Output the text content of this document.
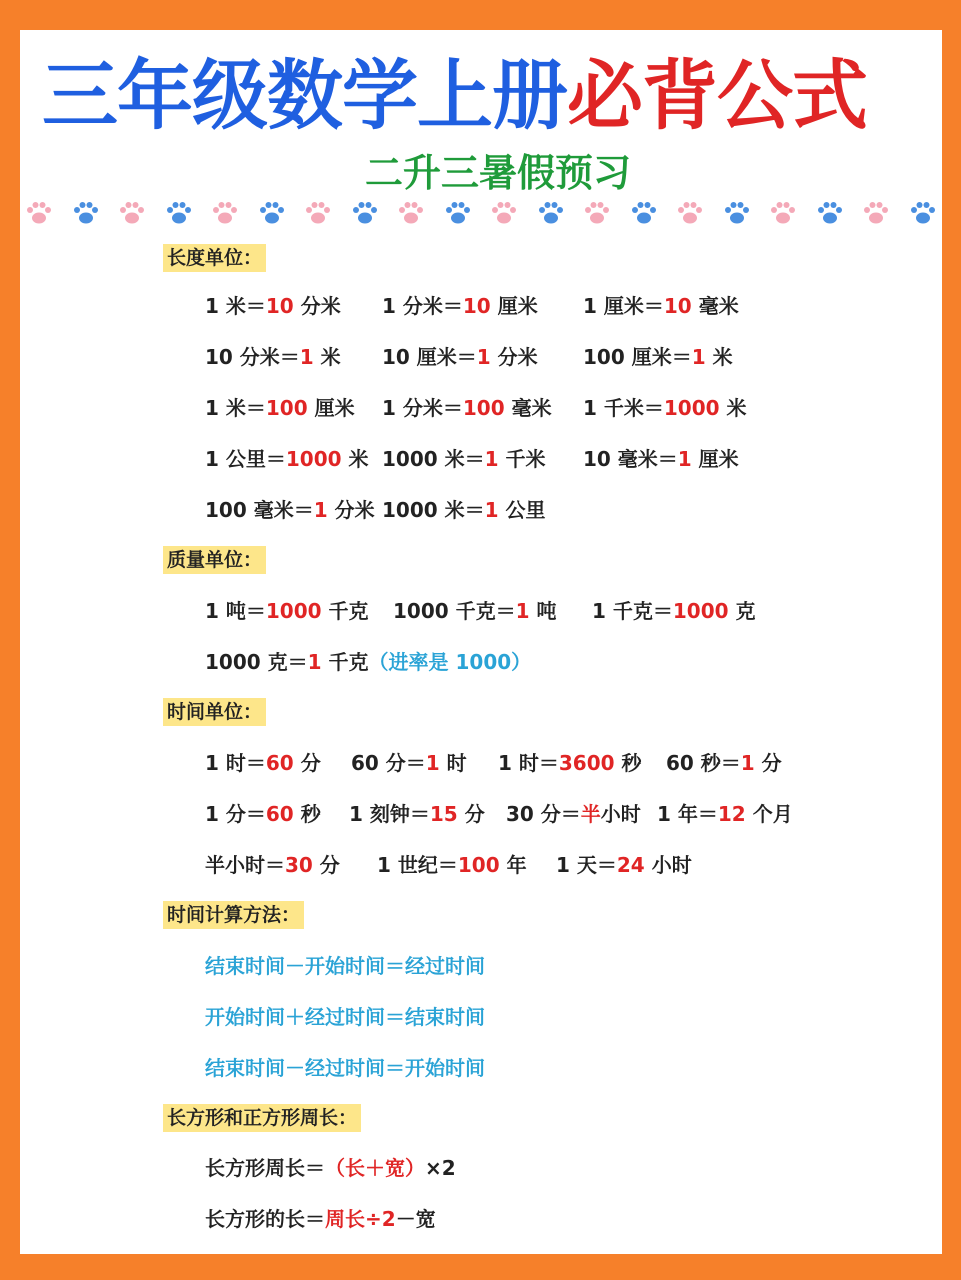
三年级数学上册必背公式
二升三暑假预习
长度单位：
质量单位：
时间单位：
时间计算方法：
长方形和正方形周长：
1 米＝10 分米 1 分米＝10 厘米 1 厘米＝10 毫米
10 分米＝1 米 10 厘米＝1 分米 100 厘米＝1 米
1 米＝100 厘米 1 分米＝100 毫米 1 千米＝1000 米
1 公里＝1000 米 1000 米＝1 千米 10 毫米＝1 厘米
100 毫米＝1 分米 1000 米＝1 公里
1 吨＝1000 千克 1000 千克＝1 吨 1 千克＝1000 克
1000 克＝1 千克（进率是 1000）
1 时＝60 分 60 分＝1 时 1 时＝3600 秒 60 秒＝1 分
1 分＝60 秒 1 刻钟＝15 分 30 分＝半小时 1 年＝12 个月
半小时＝30 分 1 世纪＝100 年 1 天＝24 小时
结束时间－开始时间＝经过时间
开始时间＋经过时间＝结束时间
结束时间－经过时间＝开始时间
长方形周长＝（长＋宽）×2
长方形的长＝周长÷2－宽
